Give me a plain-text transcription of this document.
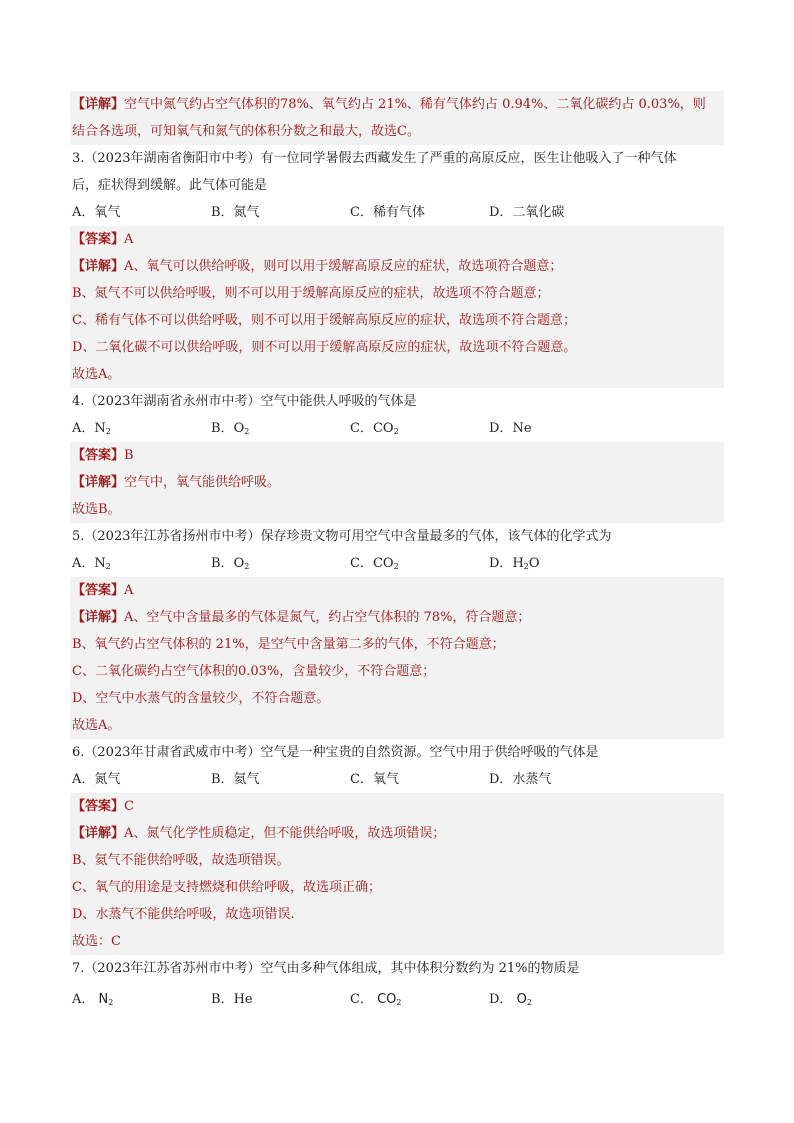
【详解】空气中氮气约占空气体积的78%、氧气约占 21%、稀有气体约占 0.94%、二氧化碳约占 0.03%，则
结合各选项，可知氧气和氮气的体积分数之和最大，故选C。
3.（2023年湖南省衡阳市中考）有一位同学暑假去西藏发生了严重的高原反应，医生让他吸入了一种气体
后，症状得到缓解。此气体可能是
A．氧气	B．氮气	C．稀有气体	D．二氧化碳
【答案】A
【详解】A、氧气可以供给呼吸，则可以用于缓解高原反应的症状，故选项符合题意；
B、氮气不可以供给呼吸，则不可以用于缓解高原反应的症状，故选项不符合题意；
C、稀有气体不可以供给呼吸，则不可以用于缓解高原反应的症状，故选项不符合题意；
D、二氧化碳不可以供给呼吸，则不可以用于缓解高原反应的症状，故选项不符合题意。
故选A。
4.（2023年湖南省永州市中考）空气中能供人呼吸的气体是
A．$N_2$	B．$O_2$	C．$CO_2$	D．Ne
【答案】B
【详解】空气中，氧气能供给呼吸。
故选B。
5.（2023年江苏省扬州市中考）保存珍贵文物可用空气中含量最多的气体，该气体的化学式为
A．$N_2$	B．$O_2$	C．$CO_2$	D．$H_2O$
【答案】A
【详解】A、空气中含量最多的气体是氮气，约占空气体积的 78%，符合题意；
B、氧气约占空气体积的 21%，是空气中含量第二多的气体，不符合题意；
C、二氧化碳约占空气体积的0.03%，含量较少，不符合题意；
D、空气中水蒸气的含量较少，不符合题意。
故选A。
6.（2023年甘肃省武威市中考）空气是一种宝贵的自然资源。空气中用于供给呼吸的气体是
A．氮气	B．氦气	C．氧气	D．水蒸气
【答案】C
【详解】A、氮气化学性质稳定，但不能供给呼吸，故选项错误；
B、氦气不能供给呼吸，故选项错误。
C、氧气的用途是支持燃烧和供给呼吸，故选项正确；
D、水蒸气不能供给呼吸，故选项错误.
故选：C
7.（2023年江苏省苏州市中考）空气由多种气体组成，其中体积分数约为 21%的物质是
A． $N_2$	B．He	C． $CO_2$	D． $O_2$
